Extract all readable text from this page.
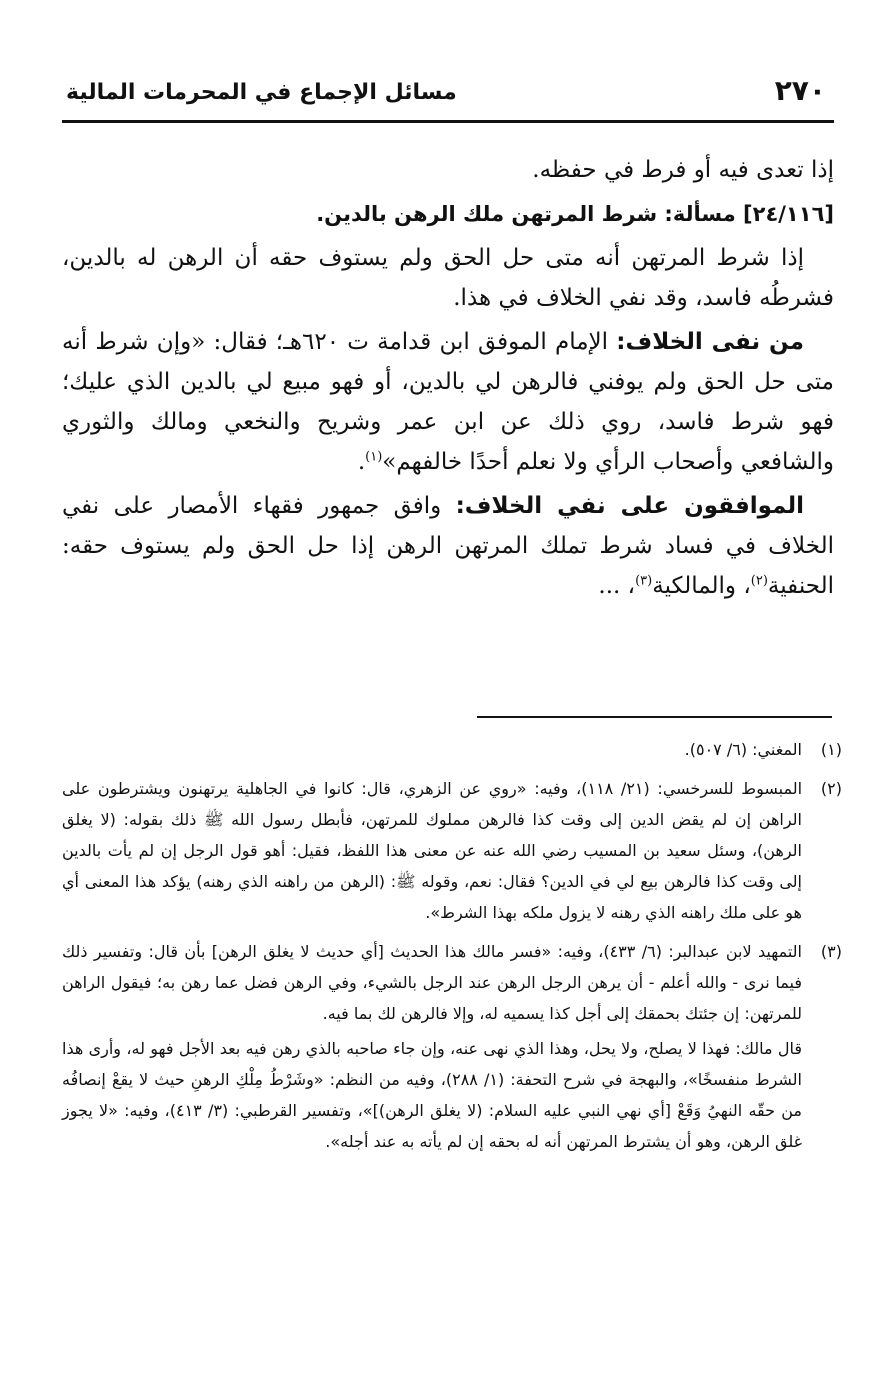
٢٧٠
مسائل الإجماع في المحرمات المالية

إذا تعدى فيه أو فرط في حفظه.

[٢٤/١١٦] مسألة: شرط المرتهن ملك الرهن بالدين.

إذا شرط المرتهن أنه متى حل الحق ولم يستوف حقه أن الرهن له بالدين، فشرطُه فاسد، وقد نفي الخلاف في هذا.

من نفى الخلاف: الإمام الموفق ابن قدامة ت ٦٢٠هـ؛ فقال: «وإن شرط أنه متى حل الحق ولم يوفني فالرهن لي بالدين، أو فهو مبيع لي بالدين الذي عليك؛ فهو شرط فاسد، روي ذلك عن ابن عمر وشريح والنخعي ومالك والثوري والشافعي وأصحاب الرأي ولا نعلم أحدًا خالفهم»$^{(١)}$.

الموافقون على نفي الخلاف: وافق جمهور فقهاء الأمصار على نفي الخلاف في فساد شرط تملك المرتهن الرهن إذا حل الحق ولم يستوف حقه: الحنفية$^{(٢)}$، والمالكية$^{(٣)}$، ...

(١)

المغني: (٦/ ٥٠٧).

(٢)

المبسوط للسرخسي: (٢١/ ١١٨)، وفيه: «روي عن الزهري، قال: كانوا في الجاهلية يرتهنون ويشترطون على الراهن إن لم يقض الدين إلى وقت كذا فالرهن مملوك للمرتهن، فأبطل رسول الله ﷺ ذلك بقوله: (لا يغلق الرهن)، وسئل سعيد بن المسيب رضي الله عنه عن معنى هذا اللفظ، فقيل: أهو قول الرجل إن لم يأت بالدين إلى وقت كذا فالرهن بيع لي في الدين؟ فقال: نعم، وقوله ﷺ: (الرهن من راهنه الذي رهنه) يؤكد هذا المعنى أي هو على ملك راهنه الذي رهنه لا يزول ملكه بهذا الشرط».

(٣)

التمهيد لابن عبدالبر: (٦/ ٤٣٣)، وفيه: «فسر مالك هذا الحديث [أي حديث لا يغلق الرهن] بأن قال: وتفسير ذلك فيما نرى - والله أعلم - أن يرهن الرجل الرهن عند الرجل بالشيء، وفي الرهن فضل عما رهن به؛ فيقول الراهن للمرتهن: إن جئتك بحمقك إلى أجل كذا يسميه له، وإلا فالرهن لك بما فيه.

قال مالك: فهذا لا يصلح، ولا يحل، وهذا الذي نهى عنه، وإن جاء صاحبه بالذي رهن فيه بعد الأجل فهو له، وأرى هذا الشرط منفسخًا»، والبهجة في شرح التحفة: (١/ ٢٨٨)، وفيه من النظم: «وشَرْطُ مِلْكِ الرهنِ حيث لا يقعْ إنصافُه من حقّه النهيُ وَقَعْ [أي نهي النبي عليه السلام: (لا يغلق الرهن)]»، وتفسير القرطبي: (٣/ ٤١٣)، وفيه: «لا يجوز غلق الرهن، وهو أن يشترط المرتهن أنه له بحقه إن لم يأته به عند أجله».
